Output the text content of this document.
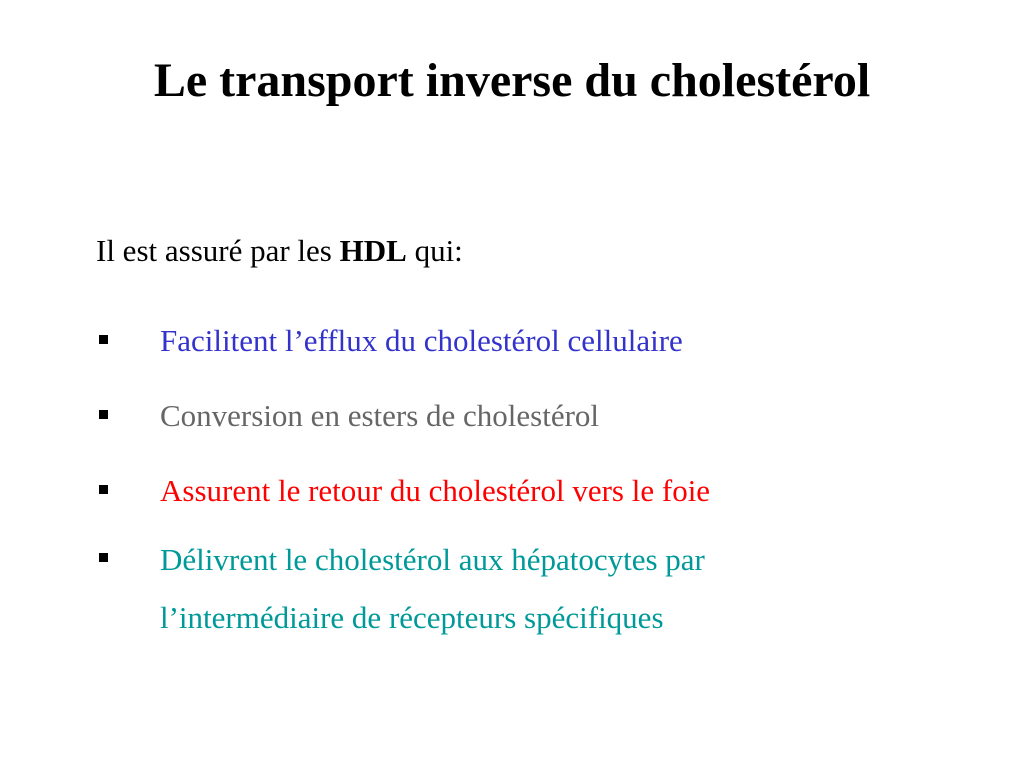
Le transport inverse du cholestérol
Il est assuré par les HDL qui:
Facilitent l’efflux du cholestérol cellulaire
Conversion en esters de cholestérol
Assurent le retour du cholestérol vers le foie
Délivrent le cholestérol aux hépatocytes par
l’intermédiaire de récepteurs spécifiques
